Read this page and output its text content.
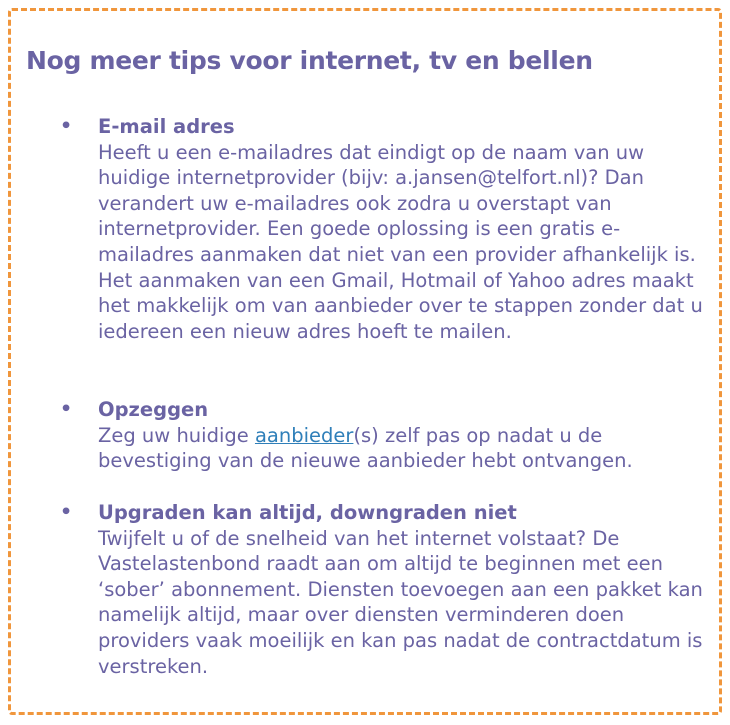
Nog meer tips voor internet, tv en bellen
• E-mail adres
Heeft u een e-mailadres dat eindigt op de naam van uw huidige internetprovider (bijv: a.jansen@telfort.nl)? Dan verandert uw e-mailadres ook zodra u overstapt van internetprovider. Een goede oplossing is een gratis e-mailadres aanmaken dat niet van een provider afhankelijk is. Het aanmaken van een Gmail, Hotmail of Yahoo adres maakt het makkelijk om van aanbieder over te stappen zonder dat u iedereen een nieuw adres hoeft te mailen.
• Opzeggen
Zeg uw huidige aanbieder(s) zelf pas op nadat u de bevestiging van de nieuwe aanbieder hebt ontvangen.
• Upgraden kan altijd, downgraden niet
Twijfelt u of de snelheid van het internet volstaat? De Vastelastenbond raadt aan om altijd te beginnen met een ‘sober’ abonnement. Diensten toevoegen aan een pakket kan namelijk altijd, maar over diensten verminderen doen providers vaak moeilijk en kan pas nadat de contractdatum is verstreken.
